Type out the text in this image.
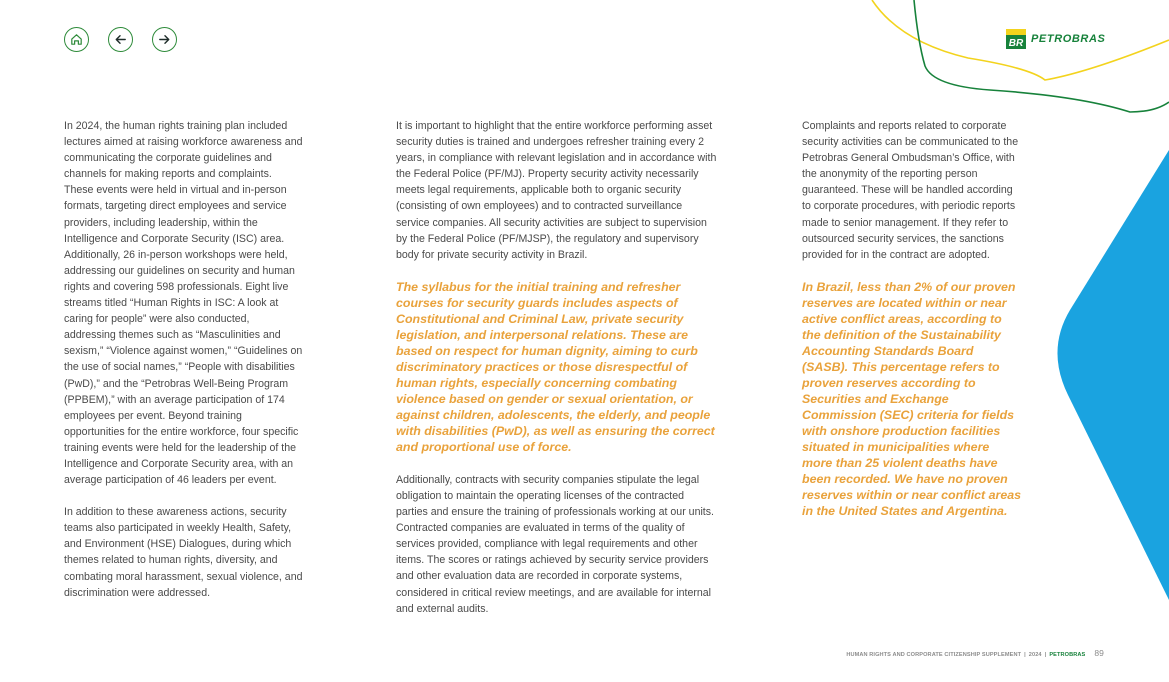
BR PETROBRAS

In 2024, the human rights training plan included lectures aimed at raising workforce awareness and communicating the corporate guidelines and channels for making reports and complaints. These events were held in virtual and in-person formats, targeting direct employees and service providers, including leadership, within the Intelligence and Corporate Security (ISC) area. Additionally, 26 in-person workshops were held, addressing our guidelines on security and human rights and covering 598 professionals. Eight live streams titled “Human Rights in ISC: A look at caring for people” were also conducted, addressing themes such as “Masculinities and sexism,” “Violence against women,” “Guidelines on the use of social names,” “People with disabilities (PwD),” and the “Petrobras Well-Being Program (PPBEM),” with an average participation of 174 employees per event. Beyond training opportunities for the entire workforce, four specific training events were held for the leadership of the Intelligence and Corporate Security area, with an average participation of 46 leaders per event.

In addition to these awareness actions, security teams also participated in weekly Health, Safety, and Environment (HSE) Dialogues, during which themes related to human rights, diversity, and combating moral harassment, sexual violence, and discrimination were addressed.

It is important to highlight that the entire workforce performing asset security duties is trained and undergoes refresher training every 2 years, in compliance with relevant legislation and in accordance with the Federal Police (PF/MJ). Property security activity necessarily meets legal requirements, applicable both to organic security (consisting of own employees) and to contracted surveillance service companies. All security activities are subject to supervision by the Federal Police (PF/MJSP), the regulatory and supervisory body for private security activity in Brazil.

The syllabus for the initial training and refresher courses for security guards includes aspects of Constitutional and Criminal Law, private security legislation, and interpersonal relations. These are based on respect for human dignity, aiming to curb discriminatory practices or those disrespectful of human rights, especially concerning combating violence based on gender or sexual orientation, or against children, adolescents, the elderly, and people with disabilities (PwD), as well as ensuring the correct and proportional use of force.

Additionally, contracts with security companies stipulate the legal obligation to maintain the operating licenses of the contracted parties and ensure the training of professionals working at our units. Contracted companies are evaluated in terms of the quality of services provided, compliance with legal requirements and other items. The scores or ratings achieved by security service providers and other evaluation data are recorded in corporate systems, considered in critical review meetings, and are available for internal and external audits.

Complaints and reports related to corporate security activities can be communicated to the Petrobras General Ombudsman’s Office, with the anonymity of the reporting person guaranteed. These will be handled according to corporate procedures, with periodic reports made to senior management. If they refer to outsourced security services, the sanctions provided for in the contract are adopted.

In Brazil, less than 2% of our proven reserves are located within or near active conflict areas, according to the definition of the Sustainability Accounting Standards Board (SASB). This percentage refers to proven reserves according to Securities and Exchange Commission (SEC) criteria for fields with onshore production facilities situated in municipalities where more than 25 violent deaths have been recorded. We have no proven reserves within or near conflict areas in the United States and Argentina.

HUMAN RIGHTS AND CORPORATE CITIZENSHIP SUPPLEMENT | 2024 | PETROBRAS 89
